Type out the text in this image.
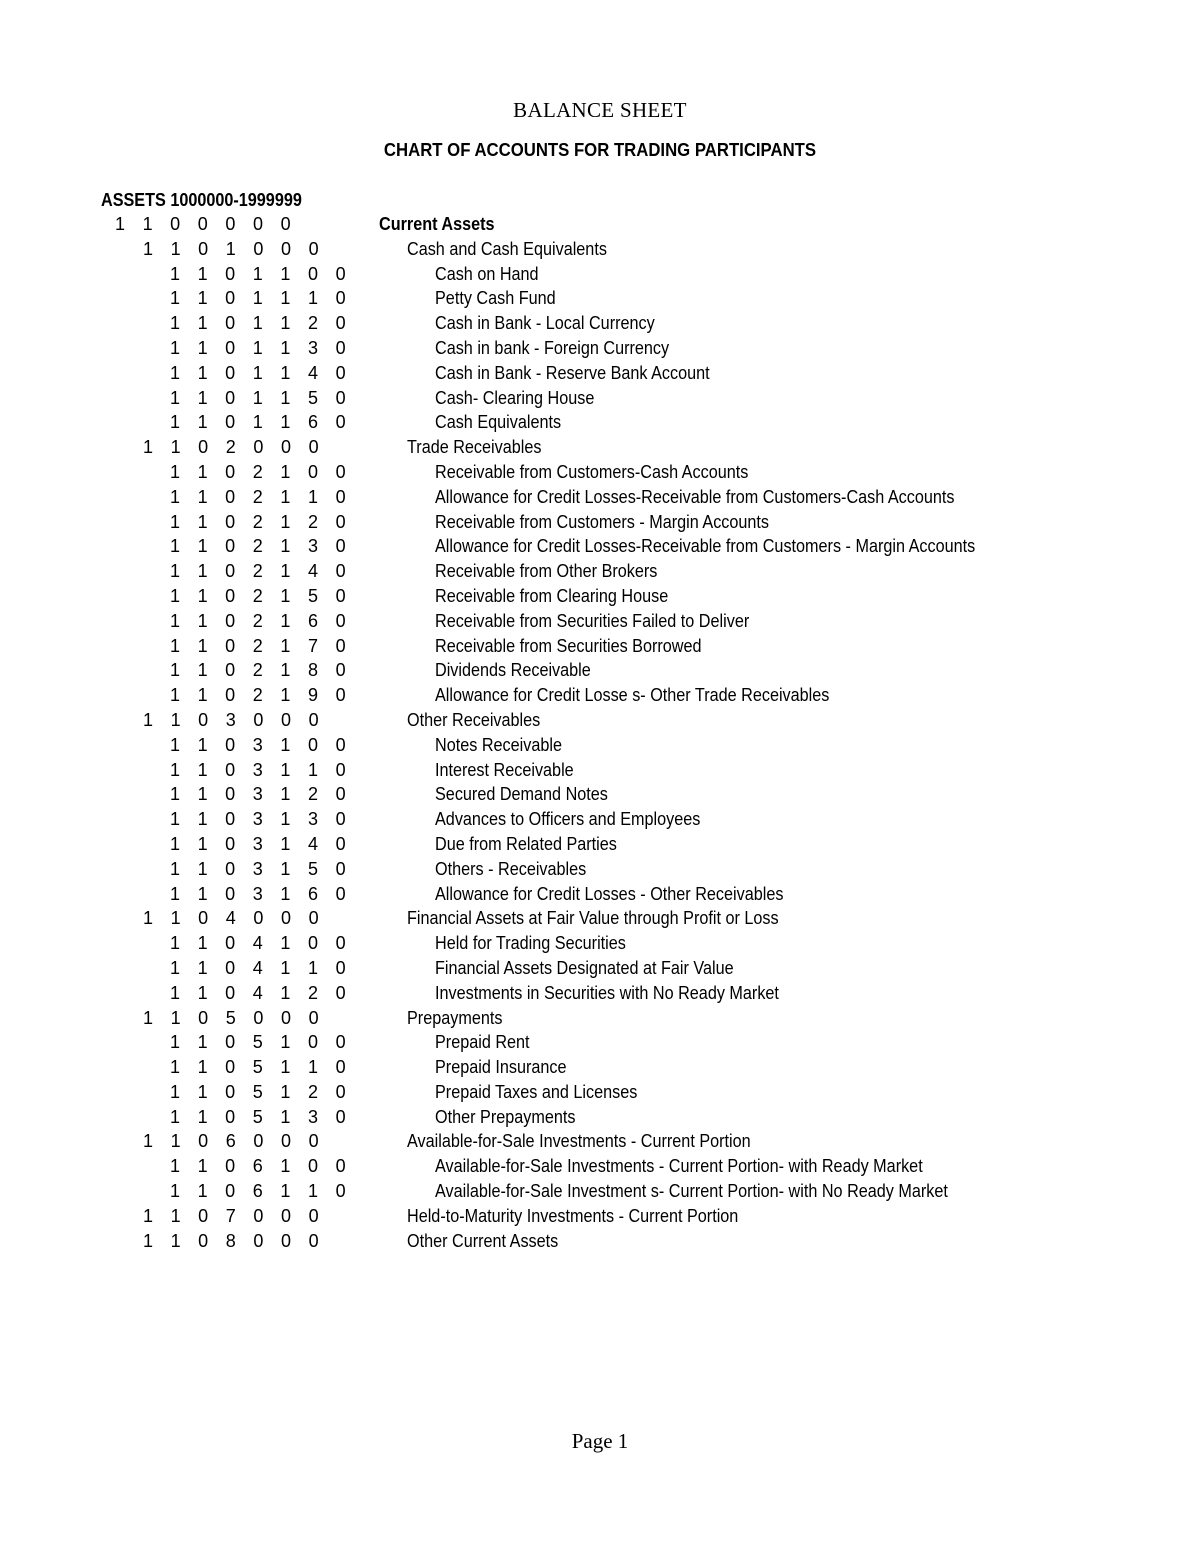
BALANCE SHEET
CHART OF ACCOUNTS FOR TRADING PARTICIPANTS
ASSETS 1000000-1999999
1 1 0 0 0 0 0	Current Assets
1 1 0 1 0 0 0	Cash and Cash Equivalents
1 1 0 1 1 0 0	Cash on Hand
1 1 0 1 1 1 0	Petty Cash Fund
1 1 0 1 1 2 0	Cash in Bank - Local Currency
1 1 0 1 1 3 0	Cash in bank - Foreign Currency
1 1 0 1 1 4 0	Cash in Bank - Reserve Bank Account
1 1 0 1 1 5 0	Cash- Clearing House
1 1 0 1 1 6 0	Cash Equivalents
1 1 0 2 0 0 0	Trade Receivables
1 1 0 2 1 0 0	Receivable from Customers-Cash Accounts
1 1 0 2 1 1 0	Allowance for Credit Losses-Receivable from Customers-Cash Accounts
1 1 0 2 1 2 0	Receivable from Customers - Margin Accounts
1 1 0 2 1 3 0	Allowance for Credit Losses-Receivable from Customers - Margin Accounts
1 1 0 2 1 4 0	Receivable from Other Brokers
1 1 0 2 1 5 0	Receivable from Clearing House
1 1 0 2 1 6 0	Receivable from Securities Failed to Deliver
1 1 0 2 1 7 0	Receivable from Securities Borrowed
1 1 0 2 1 8 0	Dividends Receivable
1 1 0 2 1 9 0	Allowance for Credit Losse s- Other Trade Receivables
1 1 0 3 0 0 0	Other Receivables
1 1 0 3 1 0 0	Notes Receivable
1 1 0 3 1 1 0	Interest Receivable
1 1 0 3 1 2 0	Secured Demand Notes
1 1 0 3 1 3 0	Advances to Officers and Employees
1 1 0 3 1 4 0	Due from Related Parties
1 1 0 3 1 5 0	Others - Receivables
1 1 0 3 1 6 0	Allowance for Credit Losses - Other Receivables
1 1 0 4 0 0 0	Financial Assets at Fair Value through Profit or Loss
1 1 0 4 1 0 0	Held for Trading Securities
1 1 0 4 1 1 0	Financial Assets Designated at Fair Value
1 1 0 4 1 2 0	Investments in Securities with No Ready Market
1 1 0 5 0 0 0	Prepayments
1 1 0 5 1 0 0	Prepaid Rent
1 1 0 5 1 1 0	Prepaid Insurance
1 1 0 5 1 2 0	Prepaid Taxes and Licenses
1 1 0 5 1 3 0	Other Prepayments
1 1 0 6 0 0 0	Available-for-Sale Investments - Current Portion
1 1 0 6 1 0 0	Available-for-Sale Investments - Current Portion- with Ready Market
1 1 0 6 1 1 0	Available-for-Sale Investment s- Current Portion- with No Ready Market
1 1 0 7 0 0 0	Held-to-Maturity Investments - Current Portion
1 1 0 8 0 0 0	Other Current Assets
Page 1
